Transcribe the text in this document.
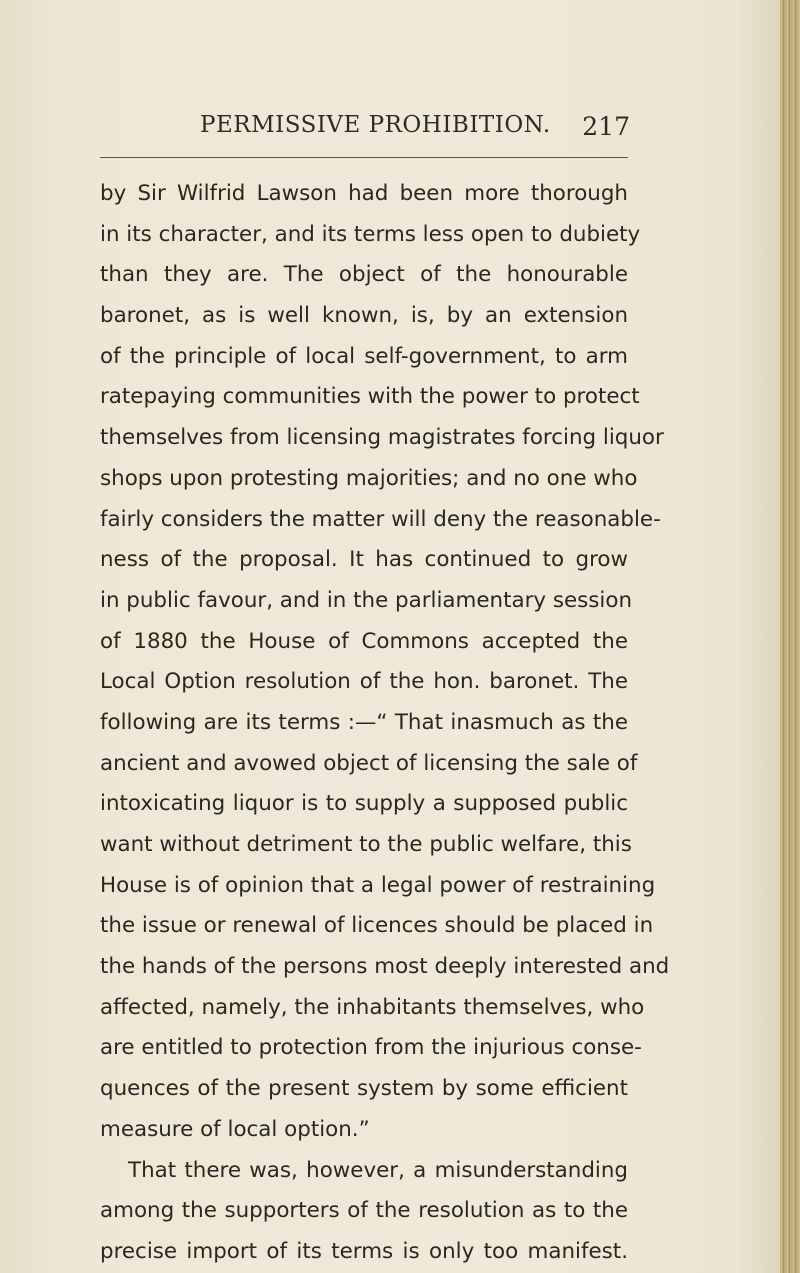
PERMISSIVE PROHIBITION. 217
by Sir Wilfrid Lawson had been more thorough
in its character, and its terms less open to dubiety
than they are. The object of the honourable
baronet, as is well known, is, by an extension
of the principle of local self-government, to arm
ratepaying communities with the power to protect
themselves from licensing magistrates forcing liquor
shops upon protesting majorities; and no one who
fairly considers the matter will deny the reasonable-
ness of the proposal. It has continued to grow
in public favour, and in the parliamentary session
of 1880 the House of Commons accepted the
Local Option resolution of the hon. baronet. The
following are its terms :—“ That inasmuch as the
ancient and avowed object of licensing the sale of
intoxicating liquor is to supply a supposed public
want without detriment to the public welfare, this
House is of opinion that a legal power of restraining
the issue or renewal of licences should be placed in
the hands of the persons most deeply interested and
affected, namely, the inhabitants themselves, who
are entitled to protection from the injurious conse-
quences of the present system by some efficient
measure of local option.”
That there was, however, a misunderstanding
among the supporters of the resolution as to the
precise import of its terms is only too manifest.
